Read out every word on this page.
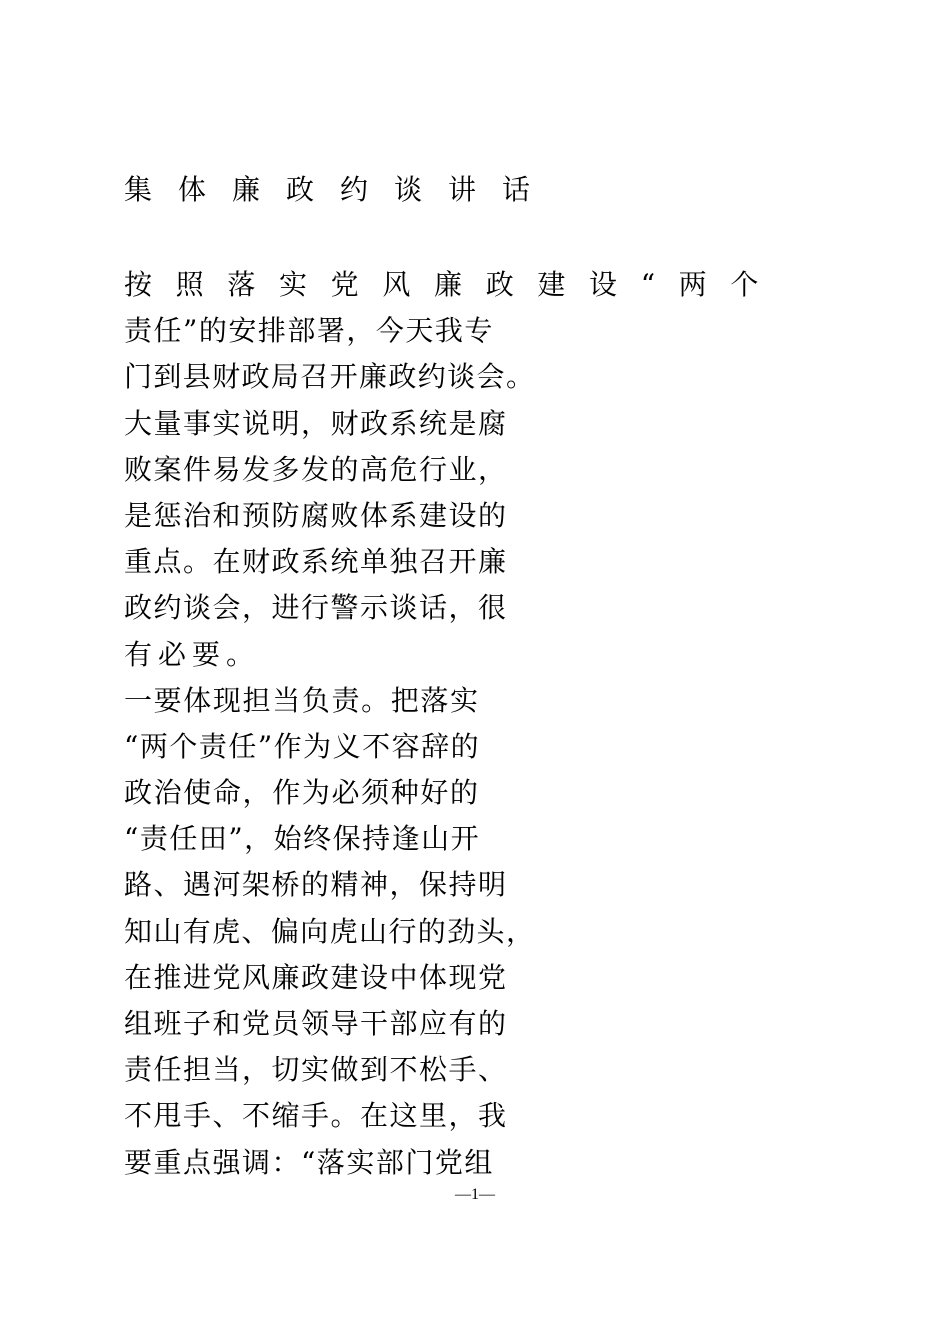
集体廉政约谈讲话
按照落实党风廉政建设“两个
责任”的安排部署，今天我专
门到县财政局召开廉政约谈会。
大量事实说明，财政系统是腐
败案件易发多发的高危行业，
是惩治和预防腐败体系建设的
重点。在财政系统单独召开廉
政约谈会，进行警示谈话，很
有必要。
一要体现担当负责。把落实
“两个责任”作为义不容辞的
政治使命，作为必须种好的
“责任田”，始终保持逢山开
路、遇河架桥的精神，保持明
知山有虎、偏向虎山行的劲头，
在推进党风廉政建设中体现党
组班子和党员领导干部应有的
责任担当，切实做到不松手、
不甩手、不缩手。在这里，我
要重点强调：“落实部门党组
—1—
